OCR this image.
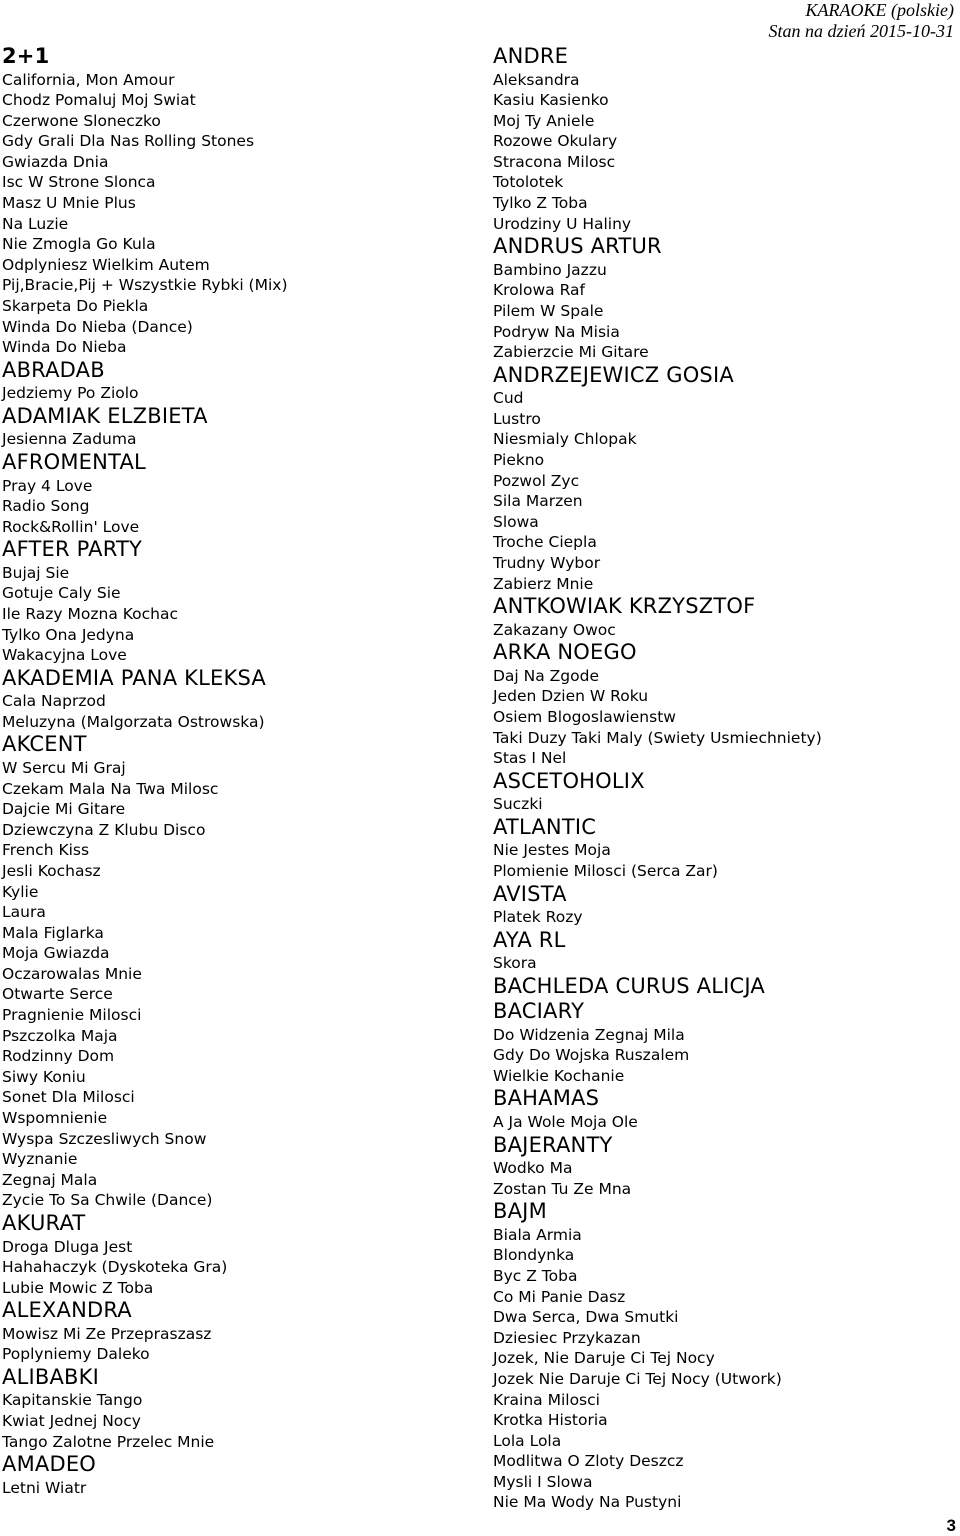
KARAOKE (polskie)
Stan na dzień 2015-10-31
2+1
California, Mon Amour
Chodz Pomaluj Moj Swiat
Czerwone Sloneczko
Gdy Grali Dla Nas Rolling Stones
Gwiazda Dnia
Isc W Strone Slonca
Masz U Mnie Plus
Na Luzie
Nie Zmogla Go Kula
Odplyniesz Wielkim Autem
Pij,Bracie,Pij + Wszystkie Rybki (Mix)
Skarpeta Do Piekla
Winda Do Nieba (Dance)
Winda Do Nieba
ABRADAB
Jedziemy Po Ziolo
ADAMIAK ELZBIETA
Jesienna Zaduma
AFROMENTAL
Pray 4 Love
Radio Song
Rock&Rollin' Love
AFTER PARTY
Bujaj Sie
Gotuje Caly Sie
Ile Razy Mozna Kochac
Tylko Ona Jedyna
Wakacyjna Love
AKADEMIA PANA KLEKSA
Cala Naprzod
Meluzyna (Malgorzata Ostrowska)
AKCENT
W Sercu Mi Graj
Czekam Mala Na Twa Milosc
Dajcie Mi Gitare
Dziewczyna Z Klubu Disco
French Kiss
Jesli Kochasz
Kylie
Laura
Mala Figlarka
Moja Gwiazda
Oczarowalas Mnie
Otwarte Serce
Pragnienie Milosci
Pszczolka Maja
Rodzinny Dom
Siwy Koniu
Sonet Dla Milosci
Wspomnienie
Wyspa Szczesliwych Snow
Wyznanie
Zegnaj Mala
Zycie To Sa Chwile (Dance)
AKURAT
Droga Dluga Jest
Hahahaczyk (Dyskoteka Gra)
Lubie Mowic Z Toba
ALEXANDRA
Mowisz Mi Ze Przepraszasz
Poplyniemy Daleko
ALIBABKI
Kapitanskie Tango
Kwiat Jednej Nocy
Tango Zalotne Przelec Mnie
AMADEO
Letni Wiatr
ANDRE
Aleksandra
Kasiu Kasienko
Moj Ty Aniele
Rozowe Okulary
Stracona Milosc
Totolotek
Tylko Z Toba
Urodziny U Haliny
ANDRUS ARTUR
Bambino Jazzu
Krolowa Raf
Pilem W Spale
Podryw Na Misia
Zabierzcie Mi Gitare
ANDRZEJEWICZ GOSIA
Cud
Lustro
Niesmialy Chlopak
Piekno
Pozwol Zyc
Sila Marzen
Slowa
Troche Ciepla
Trudny Wybor
Zabierz Mnie
ANTKOWIAK KRZYSZTOF
Zakazany Owoc
ARKA NOEGO
Daj Na Zgode
Jeden Dzien W Roku
Osiem Blogoslawienstw
Taki Duzy Taki Maly (Swiety Usmiechniety)
Stas I Nel
ASCETOHOLIX
Suczki
ATLANTIC
Nie Jestes Moja
Plomienie Milosci (Serca Zar)
AVISTA
Platek Rozy
AYA RL
Skora
BACHLEDA CURUS ALICJA
BACIARY
Do Widzenia Zegnaj Mila
Gdy Do Wojska Ruszalem
Wielkie Kochanie
BAHAMAS
A Ja Wole Moja Ole
BAJERANTY
Wodko Ma
Zostan Tu Ze Mna
BAJM
Biala Armia
Blondynka
Byc Z Toba
Co Mi Panie Dasz
Dwa Serca, Dwa Smutki
Dziesiec Przykazan
Jozek, Nie Daruje Ci Tej Nocy
Jozek Nie Daruje Ci Tej Nocy (Utwork)
Kraina Milosci
Krotka Historia
Lola Lola
Modlitwa O Zloty Deszcz
Mysli I Slowa
Nie Ma Wody Na Pustyni
3
